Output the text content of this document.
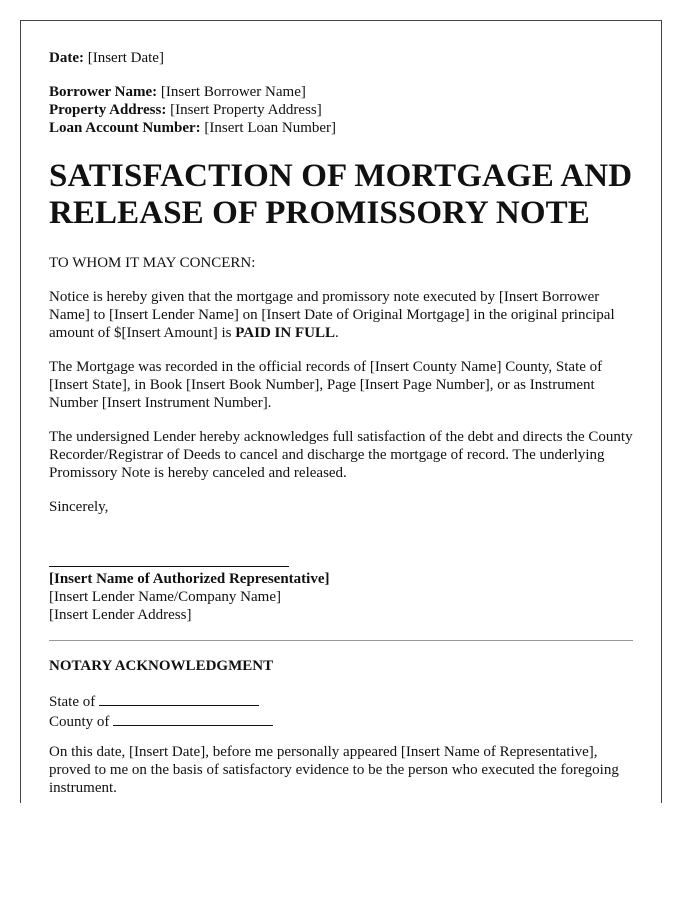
Date: [Insert Date]
Borrower Name: [Insert Borrower Name]
Property Address: [Insert Property Address]
Loan Account Number: [Insert Loan Number]
SATISFACTION OF MORTGAGE AND
RELEASE OF PROMISSORY NOTE
TO WHOM IT MAY CONCERN:
Notice is hereby given that the mortgage and promissory note executed by [Insert Borrower Name] to [Insert Lender Name] on [Insert Date of Original Mortgage] in the original principal amount of $[Insert Amount] is PAID IN FULL.
The Mortgage was recorded in the official records of [Insert County Name] County, State of [Insert State], in Book [Insert Book Number], Page [Insert Page Number], or as Instrument Number [Insert Instrument Number].
The undersigned Lender hereby acknowledges full satisfaction of the debt and directs the County Recorder/Registrar of Deeds to cancel and discharge the mortgage of record. The underlying Promissory Note is hereby canceled and released.
Sincerely,
[Insert Name of Authorized Representative]
[Insert Lender Name/Company Name]
[Insert Lender Address]
NOTARY ACKNOWLEDGMENT
State of
County of
On this date, [Insert Date], before me personally appeared [Insert Name of Representative], proved to me on the basis of satisfactory evidence to be the person who executed the foregoing instrument.
